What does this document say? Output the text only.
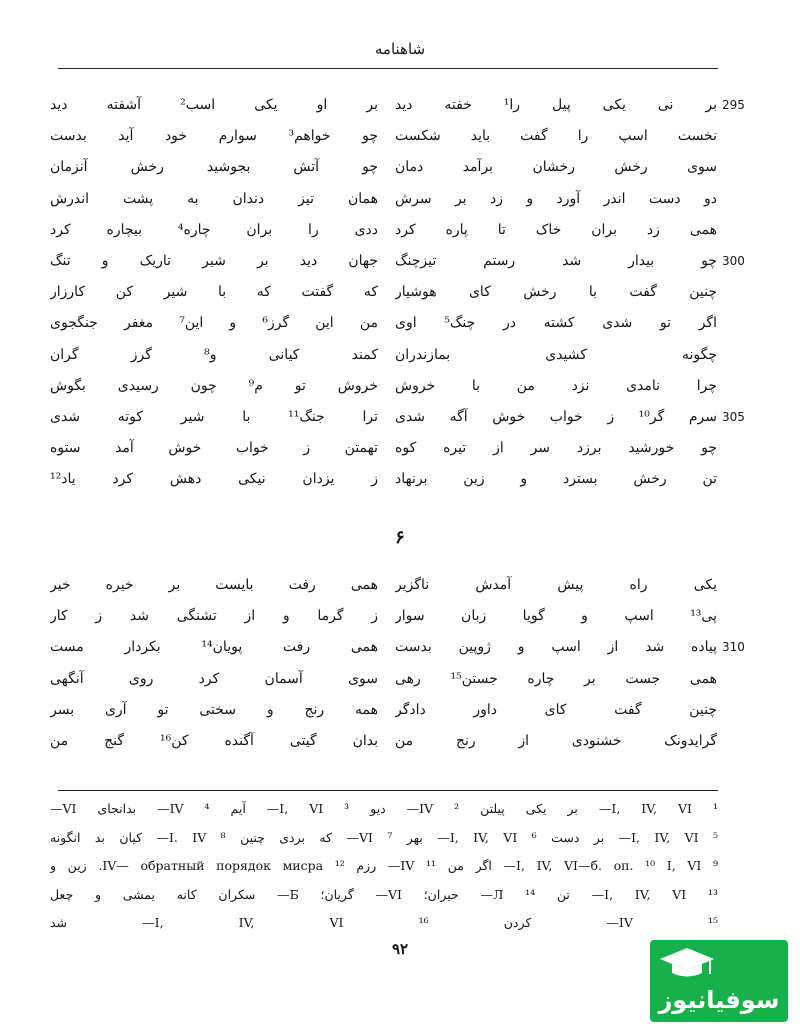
شاهنامه
بر نی یکی پیل را¹ خفته دید
نخست اسپ را گفت باید شکست
سوی رخش رخشان برآمد دمان
دو دست اندر آورد و زد بر سرش
همی زد بران خاک تا پاره کرد
چو بیدار شد رستم تیزچنگ
چنین گفت با رخش کای هوشیار
اگر تو شدی کشته در چنگ⁵ اوی
چگونه کشیدی بمازندران
چرا نامدی نزد من با خروش
سرم گر¹⁰ ز خواب خوش آگه شدی
چو خورشید برزد سر از تیره کوه
تن رخش بسترد و زین برنهاد
بر او یکی اسب² آشفته دید
چو خواهم³ سوارم خود آید بدست
چو آتش بجوشید رخش آنزمان
همان تیز دندان به پشت اندرش
ددی را بران چاره⁴ بیچاره کرد
جهان دید بر شیر تاریک و تنگ
که گفتت که با شیر کن کارزار
من این گرز⁶ و این⁷ مغفر جنگجوی
کمند کیانی و⁸ گرز گران
خروش تو م⁹ چون رسیدی بگوش
ترا جنگ¹¹ با شیر کوته شدی
تهمتن ز خواب خوش آمد ستوه
ز یزدان نیکی دهش کرد یاد¹²
295
300
305
۶
یکی راه پیش آمدش ناگزیر
پی¹³ اسپ و گویا زبان سوار
پیاده شد از اسپ و ژوپین بدست
همی جست بر چاره جستن¹⁵ رهی
چنین گفت کای داور دادگر
گرایدونک خشنودی از رنج من
همی رفت بایست بر خیره خیر
ز گرما و از تشنگی شد ز کار
همی رفت پویان¹⁴ بکردار مست
سوی آسمان کرد روی آنگهی
همه رنج و سختی تو آری بسر
بدان گیتی آگنده کن¹⁶ گنج من
310
¹ I, IV, VI— بر یکی پیلتن ² IV— دیو ³ I, VI— آیم ⁴ IV— بدانجای VI—
⁵ I, IV, VI— بر دست ⁶ I, IV, VI— بهر ⁷ VI— که بردی چنین ⁸ I. IV— کیان بد انگونه
⁹ I, IV, VI—б. оп. ¹⁰ I, VI— اگر من ¹¹ IV— رزم ¹² IV— обратный порядок мисра. زین و
¹³ I, IV, VI— تن ¹⁴ Л— حیران؛ VI— گریان؛ Б— سکران کانه یمشی و چعل
¹⁵ IV— کردن ¹⁶ I, IV, VI— شد
۹۲
سوفیانیوز
